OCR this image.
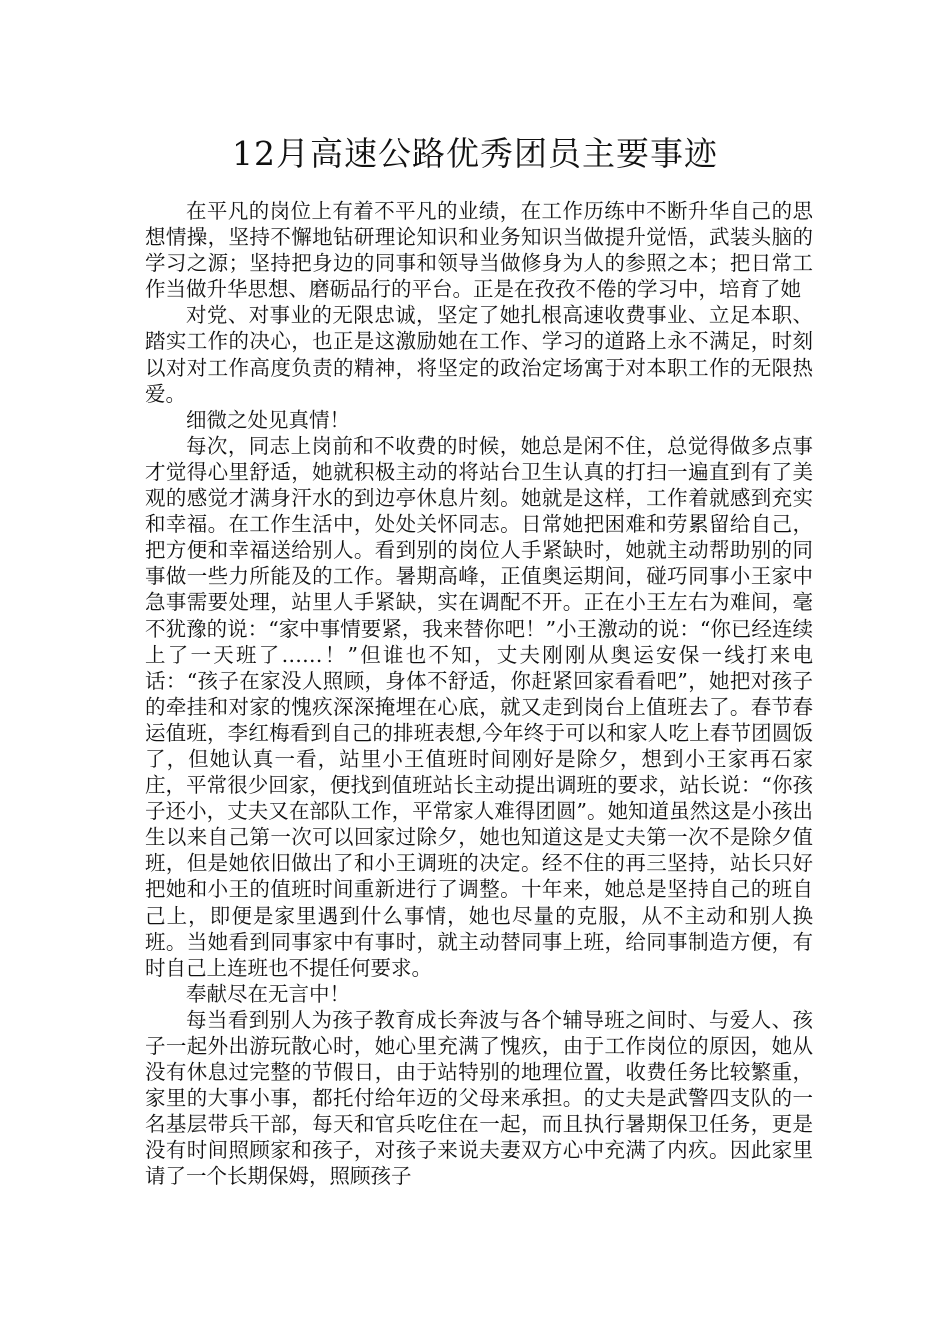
12月高速公路优秀团员主要事迹

在平凡的岗位上有着不平凡的业绩，在工作历练中不断升华自己的思想情操，坚持不懈地钻研理论知识和业务知识当做提升觉悟，武装头脑的学习之源；坚持把身边的同事和领导当做修身为人的参照之本；把日常工作当做升华思想、磨砺品行的平台。正是在孜孜不倦的学习中，培育了她

对党、对事业的无限忠诚，坚定了她扎根高速收费事业、立足本职、踏实工作的决心，也正是这激励她在工作、学习的道路上永不满足，时刻以对对工作高度负责的精神，将坚定的政治定场寓于对本职工作的无限热爱。

细微之处见真情！

每次，同志上岗前和不收费的时候，她总是闲不住，总觉得做多点事才觉得心里舒适，她就积极主动的将站台卫生认真的打扫一遍直到有了美观的感觉才满身汗水的到边亭休息片刻。她就是这样，工作着就感到充实和幸福。在工作生活中，处处关怀同志。日常她把困难和劳累留给自己，把方便和幸福送给别人。看到别的岗位人手紧缺时，她就主动帮助别的同事做一些力所能及的工作。暑期高峰，正值奥运期间，碰巧同事小王家中急事需要处理，站里人手紧缺，实在调配不开。正在小王左右为难间，毫不犹豫的说：“家中事情要紧，我来替你吧！”小王激动的说：“你已经连续上了一天班了……！”但谁也不知，丈夫刚刚从奥运安保一线打来电话：“孩子在家没人照顾，身体不舒适，你赶紧回家看看吧”，她把对孩子的牵挂和对家的愧疚深深掩埋在心底，就又走到岗台上值班去了。春节春运值班，李红梅看到自己的排班表想,今年终于可以和家人吃上春节团圆饭了，但她认真一看，站里小王值班时间刚好是除夕，想到小王家再石家庄，平常很少回家，便找到值班站长主动提出调班的要求，站长说：“你孩子还小，丈夫又在部队工作，平常家人难得团圆”。她知道虽然这是小孩出生以来自己第一次可以回家过除夕，她也知道这是丈夫第一次不是除夕值班，但是她依旧做出了和小王调班的决定。经不住的再三坚持，站长只好把她和小王的值班时间重新进行了调整。十年来，她总是坚持自己的班自己上，即便是家里遇到什么事情，她也尽量的克服，从不主动和别人换班。当她看到同事家中有事时，就主动替同事上班，给同事制造方便，有时自己上连班也不提任何要求。

奉献尽在无言中！

每当看到别人为孩子教育成长奔波与各个辅导班之间时、与爱人、孩子一起外出游玩散心时，她心里充满了愧疚，由于工作岗位的原因，她从没有休息过完整的节假日，由于站特别的地理位置，收费任务比较繁重，家里的大事小事，都托付给年迈的父母来承担。的丈夫是武警四支队的一名基层带兵干部，每天和官兵吃住在一起，而且执行暑期保卫任务，更是没有时间照顾家和孩子，对孩子来说夫妻双方心中充满了内疚。因此家里请了一个长期保姆，照顾孩子
